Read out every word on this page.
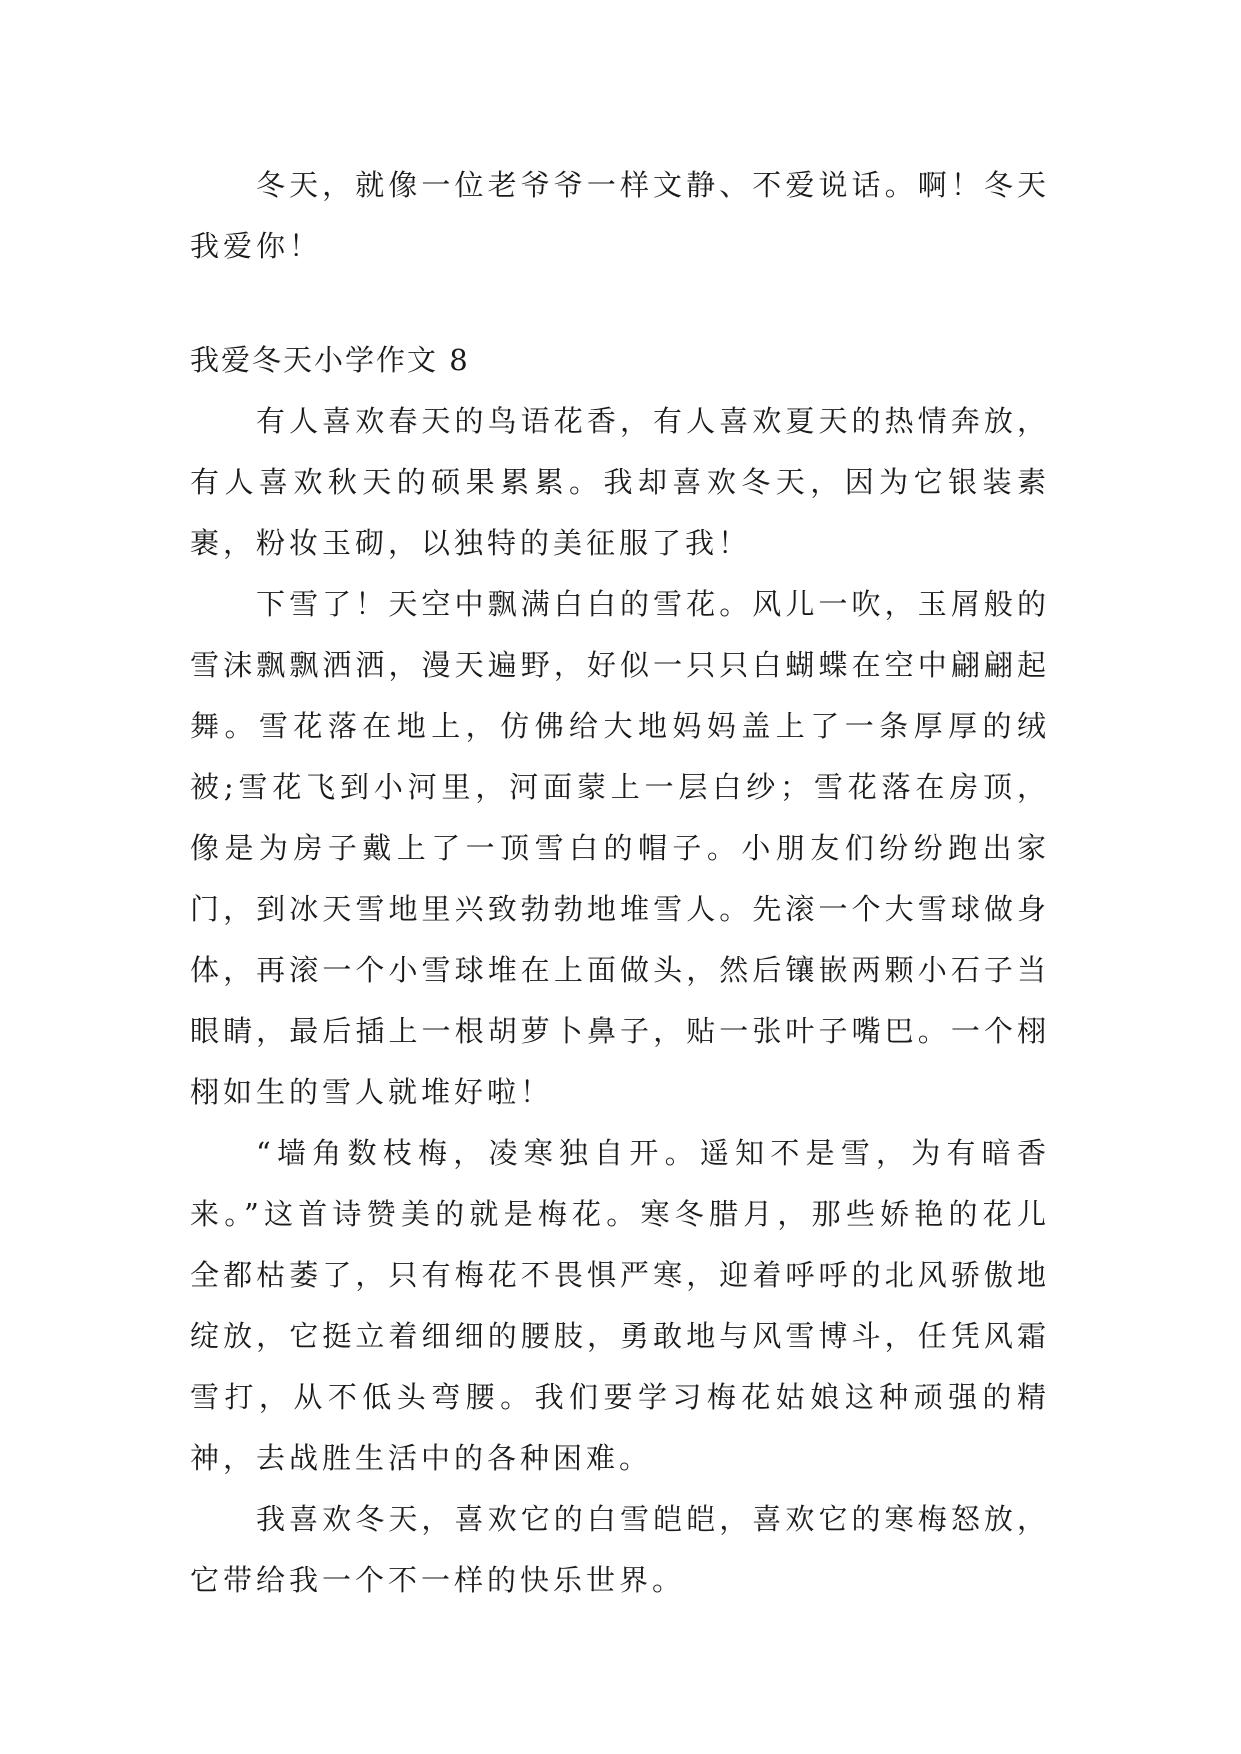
冬天，就像一位老爷爷一样文静、不爱说话。啊！冬天我爱你！

我爱冬天小学作文 8

有人喜欢春天的鸟语花香，有人喜欢夏天的热情奔放，有人喜欢秋天的硕果累累。我却喜欢冬天，因为它银装素裹，粉妆玉砌，以独特的美征服了我！

下雪了！天空中飘满白白的雪花。风儿一吹，玉屑般的雪沫飘飘洒洒，漫天遍野，好似一只只白蝴蝶在空中翩翩起舞。雪花落在地上，仿佛给大地妈妈盖上了一条厚厚的绒被;雪花飞到小河里，河面蒙上一层白纱；雪花落在房顶，像是为房子戴上了一顶雪白的帽子。小朋友们纷纷跑出家门，到冰天雪地里兴致勃勃地堆雪人。先滚一个大雪球做身体，再滚一个小雪球堆在上面做头，然后镶嵌两颗小石子当眼睛，最后插上一根胡萝卜鼻子，贴一张叶子嘴巴。一个栩栩如生的雪人就堆好啦！

“墙角数枝梅，凌寒独自开。遥知不是雪，为有暗香来。”这首诗赞美的就是梅花。寒冬腊月，那些娇艳的花儿全都枯萎了，只有梅花不畏惧严寒，迎着呼呼的北风骄傲地绽放，它挺立着细细的腰肢，勇敢地与风雪博斗，任凭风霜雪打，从不低头弯腰。我们要学习梅花姑娘这种顽强的精神，去战胜生活中的各种困难。

我喜欢冬天，喜欢它的白雪皑皑，喜欢它的寒梅怒放，它带给我一个不一样的快乐世界。
